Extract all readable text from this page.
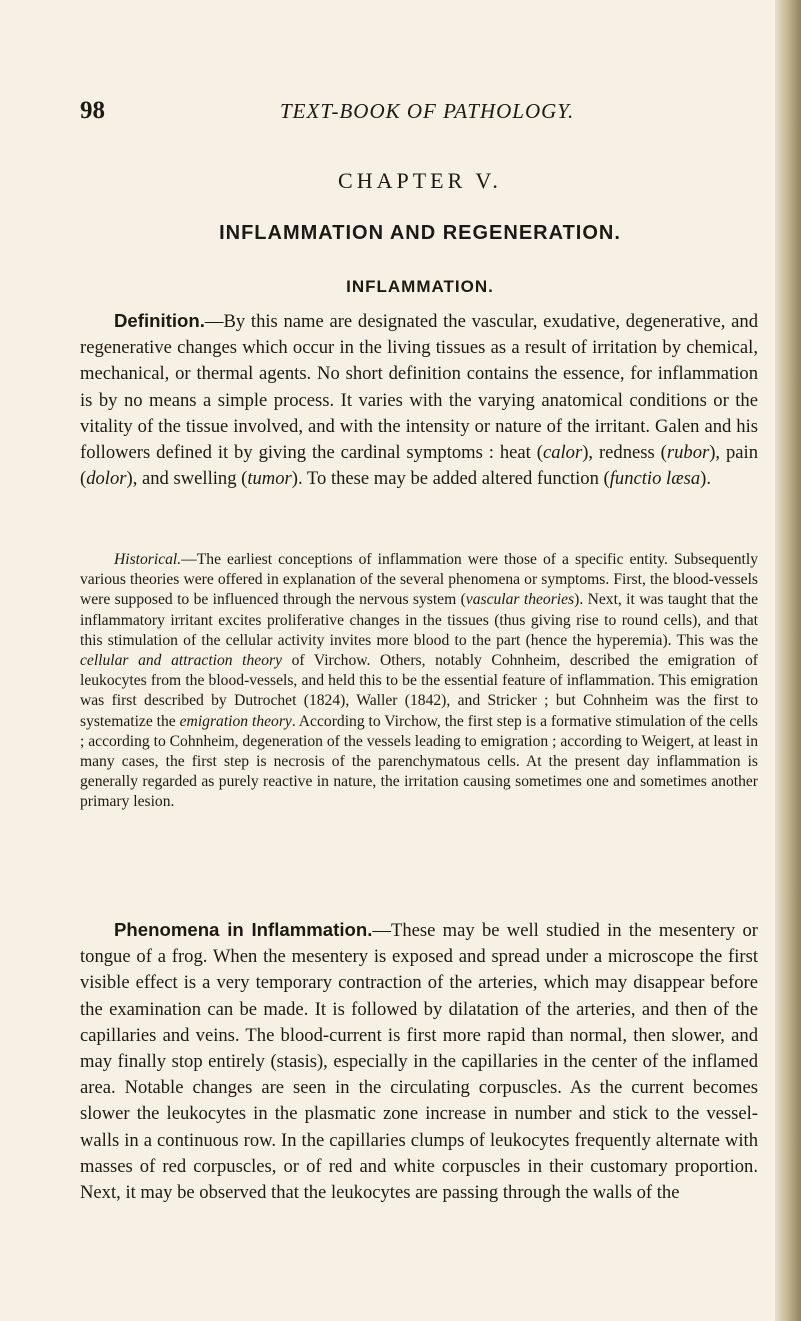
98	TEXT-BOOK OF PATHOLOGY.
CHAPTER V.
INFLAMMATION AND REGENERATION.
INFLAMMATION.

Definition.—By this name are designated the vascular, exudative, degenerative, and regenerative changes which occur in the living tissues as a result of irritation by chemical, mechanical, or thermal agents. No short definition contains the essence, for inflammation is by no means a simple process. It varies with the varying anatomical conditions or the vitality of the tissue involved, and with the intensity or nature of the irritant. Galen and his followers defined it by giving the cardinal symptoms : heat (calor), redness (rubor), pain (dolor), and swelling (tumor). To these may be added altered function (functio læsa).

Historical.—The earliest conceptions of inflammation were those of a specific entity. Subsequently various theories were offered in explanation of the several phenomena or symptoms. First, the blood-vessels were supposed to be influenced through the nervous system (vascular theories). Next, it was taught that the inflammatory irritant excites proliferative changes in the tissues (thus giving rise to round cells), and that this stimulation of the cellular activity invites more blood to the part (hence the hyperemia). This was the cellular and attraction theory of Virchow. Others, notably Cohnheim, described the emigration of leukocytes from the blood-vessels, and held this to be the essential feature of inflammation. This emigration was first described by Dutrochet (1824), Waller (1842), and Stricker ; but Cohnheim was the first to systematize the emigration theory. According to Virchow, the first step is a formative stimulation of the cells ; according to Cohnheim, degeneration of the vessels leading to emigration ; according to Weigert, at least in many cases, the first step is necrosis of the parenchymatous cells. At the present day inflammation is generally regarded as purely reactive in nature, the irritation causing sometimes one and sometimes another primary lesion.

Phenomena in Inflammation.—These may be well studied in the mesentery or tongue of a frog. When the mesentery is exposed and spread under a microscope the first visible effect is a very temporary contraction of the arteries, which may disappear before the examination can be made. It is followed by dilatation of the arteries, and then of the capillaries and veins. The blood-current is first more rapid than normal, then slower, and may finally stop entirely (stasis), especially in the capillaries in the center of the inflamed area. Notable changes are seen in the circulating corpuscles. As the current becomes slower the leukocytes in the plasmatic zone increase in number and stick to the vessel-walls in a continuous row. In the capillaries clumps of leukocytes frequently alternate with masses of red corpuscles, or of red and white corpuscles in their customary proportion. Next, it may be observed that the leukocytes are passing through the walls of the
